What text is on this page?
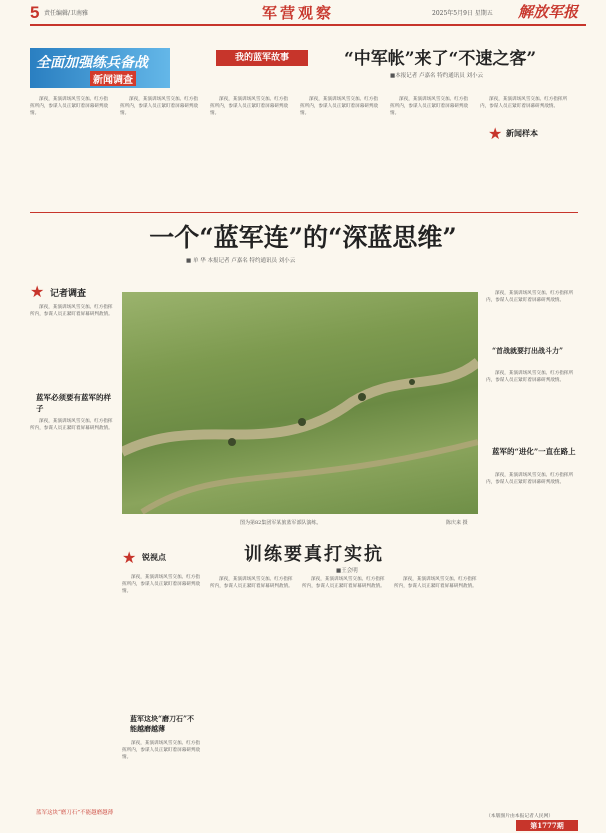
5 责任编辑/卫南雅	军营观察	2025年5月9日 星期五 解放军报
全面加强练兵备战
新闻调查
我的蓝军故事	“中军帐”来了“不速之客”
■本报记者 卢嘉名 特约通讯员 刘小云
深夜，某演训场风雪交加。红方指挥所内，参谋人员正紧盯着屏幕研判敌情。
深夜，某演训场风雪交加。红方指挥所内，参谋人员正紧盯着屏幕研判敌情。
深夜，某演训场风雪交加。红方指挥所内，参谋人员正紧盯着屏幕研判敌情。
深夜，某演训场风雪交加。红方指挥所内，参谋人员正紧盯着屏幕研判敌情。
深夜，某演训场风雪交加。红方指挥所内，参谋人员正紧盯着屏幕研判敌情。
深夜，某演训场风雪交加。红方指挥所内，参谋人员正紧盯着屏幕研判敌情。
★ 新闻样本
一个“蓝军连”的“深蓝思维”
■ 单 华 本报记者 卢嘉名 特约通讯员 刘小云
★ 记者调查
深夜，某演训场风雪交加。红方指挥所内，参谋人员正紧盯着屏幕研判敌情。
蓝军必须要有蓝军的样子
深夜，某演训场风雪交加。红方指挥所内，参谋人员正紧盯着屏幕研判敌情。
图为第82集团军某旅蓝军部队演练。	陈庆来 摄
深夜，某演训场风雪交加。红方指挥所内，参谋人员正紧盯着屏幕研判敌情。
“首战就要打出战斗力”
深夜，某演训场风雪交加。红方指挥所内，参谋人员正紧盯着屏幕研判敌情。
蓝军的“进化”一直在路上
深夜，某演训场风雪交加。红方指挥所内，参谋人员正紧盯着屏幕研判敌情。
训练要真打实抗
■王会明
★ 锐视点
深夜，某演训场风雪交加。红方指挥所内，参谋人员正紧盯着屏幕研判敌情。
蓝军这块“磨刀石”不能越磨越薄
深夜，某演训场风雪交加。红方指挥所内，参谋人员正紧盯着屏幕研判敌情。
深夜，某演训场风雪交加。红方指挥所内，参谋人员正紧盯着屏幕研判敌情。
深夜，某演训场风雪交加。红方指挥所内，参谋人员正紧盯着屏幕研判敌情。
深夜，某演训场风雪交加。红方指挥所内，参谋人员正紧盯着屏幕研判敌情。
蓝军这块“磨刀石”不能越磨越薄
（本版图片由本报记者人民网）
第1777期
